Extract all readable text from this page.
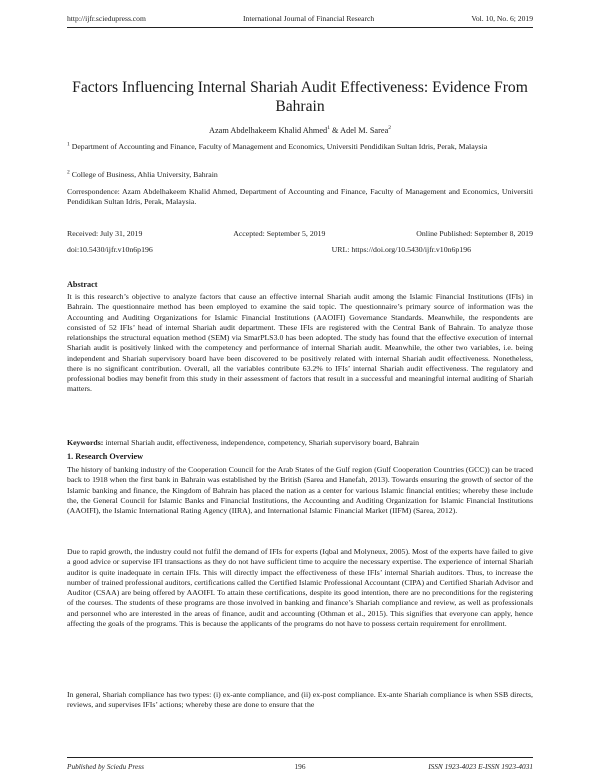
http://ijfr.sciedupress.com	International Journal of Financial Research	Vol. 10, No. 6; 2019
Factors Influencing Internal Shariah Audit Effectiveness: Evidence From Bahrain
Azam Abdelhakeem Khalid Ahmed$^1$ & Adel M. Sarea$^2$
$^1$ Department of Accounting and Finance, Faculty of Management and Economics, Universiti Pendidikan Sultan Idris, Perak, Malaysia
$^2$ College of Business, Ahlia University, Bahrain
Correspondence: Azam Abdelhakeem Khalid Ahmed, Department of Accounting and Finance, Faculty of Management and Economics, Universiti Pendidikan Sultan Idris, Perak, Malaysia.
Received: July 31, 2019	Accepted: September 5, 2019	Online Published: September 8, 2019
doi:10.5430/ijfr.v10n6p196	URL: https://doi.org/10.5430/ijfr.v10n6p196
Abstract
It is this research’s objective to analyze factors that cause an effective internal Shariah audit among the Islamic Financial Institutions (IFIs) in Bahrain. The questionnaire method has been employed to examine the said topic. The questionnaire’s primary source of information was the Accounting and Auditing Organizations for Islamic Financial Institutions (AAOIFI) Governance Standards. Meanwhile, the respondents are consisted of 52 IFIs’ head of internal Shariah audit department. These IFIs are registered with the Central Bank of Bahrain. To analyze those relationships the structural equation method (SEM) via SmarPLS3.0 has been adopted. The study has found that the effective execution of internal Shariah audit is positively linked with the competency and performance of internal Shariah audit. Meanwhile, the other two variables, i.e. being independent and Shariah supervisory board have been discovered to be positively related with internal Shariah audit effectiveness. Nonetheless, there is no significant contribution. Overall, all the variables contribute 63.2% to IFIs’ internal Shariah audit effectiveness. The regulatory and professional bodies may benefit from this study in their assessment of factors that result in a successful and meaningful internal auditing of Shariah matters.
Keywords: internal Shariah audit, effectiveness, independence, competency, Shariah supervisory board, Bahrain
1. Research Overview
The history of banking industry of the Cooperation Council for the Arab States of the Gulf region (Gulf Cooperation Countries (GCC)) can be traced back to 1918 when the first bank in Bahrain was established by the British (Sarea and Hanefah, 2013). Towards ensuring the growth of sector of the Islamic banking and finance, the Kingdom of Bahrain has placed the nation as a center for various Islamic financial entities; whereby these include the, the General Council for Islamic Banks and Financial Institutions, the Accounting and Auditing Organization for Islamic Financial Institutions (AAOIFI), the Islamic International Rating Agency (IIRA), and International Islamic Financial Market (IIFM) (Sarea, 2012).
Due to rapid growth, the industry could not fulfil the demand of IFIs for experts (Iqbal and Molyneux, 2005). Most of the experts have failed to give a good advice or supervise IFI transactions as they do not have sufficient time to acquire the necessary expertise. The experience of internal Shariah auditor is quite inadequate in certain IFIs. This will directly impact the effectiveness of these IFIs’ internal Shariah auditors. Thus, to increase the number of trained professional auditors, certifications called the Certified Islamic Professional Accountant (CIPA) and Certified Shariah Advisor and Auditor (CSAA) are being offered by AAOIFI. To attain these certifications, despite its good intention, there are no preconditions for the registering of the courses. The students of these programs are those involved in banking and finance’s Shariah compliance and review, as well as professionals and personnel who are interested in the areas of finance, audit and accounting (Othman et al., 2015). This signifies that everyone can apply, hence affecting the goals of the programs. This is because the applicants of the programs do not have to possess certain requirement for enrollment.
In general, Shariah compliance has two types: (i) ex-ante compliance, and (ii) ex-post compliance. Ex-ante Shariah compliance is when SSB directs, reviews, and supervises IFIs’ actions; whereby these are done to ensure that the
Published by Sciedu Press	196	ISSN 1923-4023 E-ISSN 1923-4031
